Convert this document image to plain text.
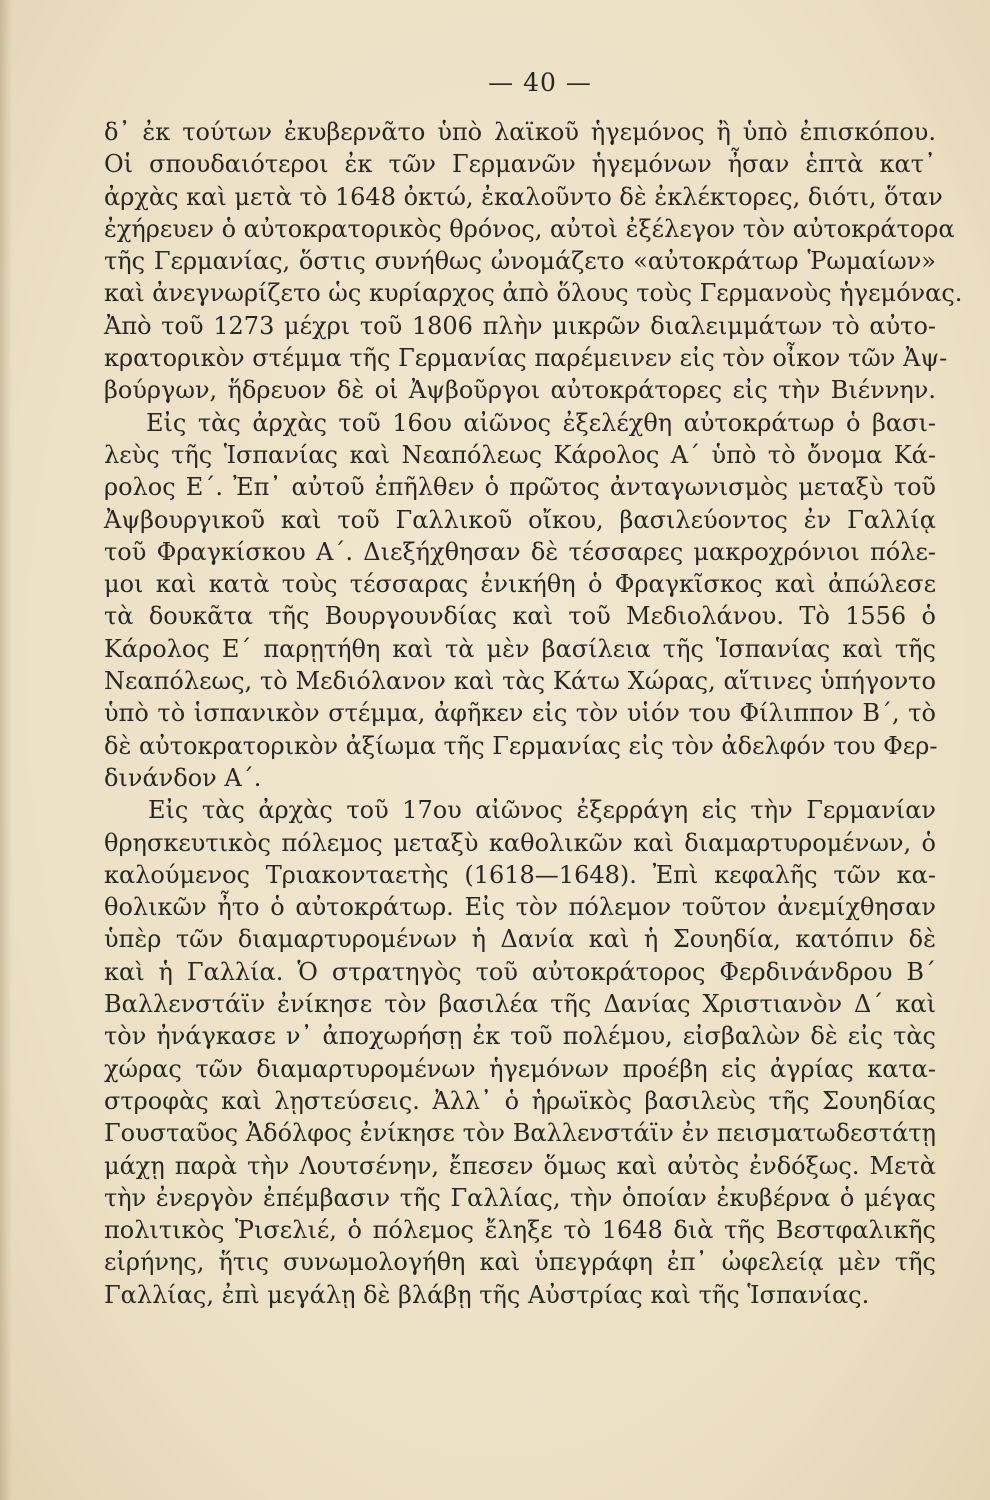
— 40 —
δ᾽ ἐκ τούτων ἐκυβερνᾶτο ὑπὸ λαϊκοῦ ἡγεμόνος ἢ ὑπὸ ἐπισκόπου.
Οἱ σπουδαιότεροι ἐκ τῶν Γερμανῶν ἡγεμόνων ἦσαν ἑπτὰ κατ᾽
ἀρχὰς καὶ μετὰ τὸ 1648 ὀκτώ, ἐκαλοῦντο δὲ ἐκλέκτορες, διότι, ὅταν
ἐχήρευεν ὁ αὐτοκρατορικὸς θρόνος, αὐτοὶ ἐξέλεγον τὸν αὐτοκράτορα
τῆς Γερμανίας, ὅστις συνήθως ὠνομάζετο «αὐτοκράτωρ Ῥωμαίων»
καὶ ἀνεγνωρίζετο ὡς κυρίαρχος ἀπὸ ὅλους τοὺς Γερμανοὺς ἡγεμόνας.
Ἀπὸ τοῦ 1273 μέχρι τοῦ 1806 πλὴν μικρῶν διαλειμμάτων τὸ αὐτο-
κρατορικὸν στέμμα τῆς Γερμανίας παρέμεινεν εἰς τὸν οἶκον τῶν Ἀψ-
βούργων, ἥδρευον δὲ οἱ Ἀψβοῦργοι αὐτοκράτορες εἰς τὴν Βιέννην.
Εἰς τὰς ἀρχὰς τοῦ 16ου αἰῶνος ἐξελέχθη αὐτοκράτωρ ὁ βασι-
λεὺς τῆς Ἱσπανίας καὶ Νεαπόλεως Κάρολος Α´ ὑπὸ τὸ ὄνομα Κά-
ρολος Ε´. Ἐπ᾽ αὐτοῦ ἐπῆλθεν ὁ πρῶτος ἀνταγωνισμὸς μεταξὺ τοῦ
Ἀψβουργικοῦ καὶ τοῦ Γαλλικοῦ οἴκου, βασιλεύοντος ἐν Γαλλίᾳ
τοῦ Φραγκίσκου Α´. Διεξήχθησαν δὲ τέσσαρες μακροχρόνιοι πόλε-
μοι καὶ κατὰ τοὺς τέσσαρας ἐνικήθη ὁ Φραγκῖσκος καὶ ἀπώλεσε
τὰ δουκᾶτα τῆς Βουργουνδίας καὶ τοῦ Μεδιολάνου. Τὸ 1556 ὁ
Κάρολος Ε´ παρῃτήθη καὶ τὰ μὲν βασίλεια τῆς Ἱσπανίας καὶ τῆς
Νεαπόλεως, τὸ Μεδιόλανον καὶ τὰς Κάτω Χώρας, αἵτινες ὑπήγοντο
ὑπὸ τὸ ἱσπανικὸν στέμμα, ἀφῆκεν εἰς τὸν υἱόν του Φίλιππον Β´, τὸ
δὲ αὐτοκρατορικὸν ἀξίωμα τῆς Γερμανίας εἰς τὸν ἀδελφόν του Φερ-
δινάνδον Α´.
Εἰς τὰς ἀρχὰς τοῦ 17ου αἰῶνος ἐξερράγη εἰς τὴν Γερμανίαν
θρησκευτικὸς πόλεμος μεταξὺ καθολικῶν καὶ διαμαρτυρομένων, ὁ
καλούμενος Τριακονταετὴς (1618—1648). Ἐπὶ κεφαλῆς τῶν κα-
θολικῶν ἦτο ὁ αὐτοκράτωρ. Εἰς τὸν πόλεμον τοῦτον ἀνεμίχθησαν
ὑπὲρ τῶν διαμαρτυρομένων ἡ Δανία καὶ ἡ Σουηδία, κατόπιν δὲ
καὶ ἡ Γαλλία. Ὁ στρατηγὸς τοῦ αὐτοκράτορος Φερδινάνδρου Β´
Βαλλενστάϊν ἐνίκησε τὸν βασιλέα τῆς Δανίας Χριστιανὸν Δ´ καὶ
τὸν ἠνάγκασε ν᾽ ἀποχωρήσῃ ἐκ τοῦ πολέμου, εἰσβαλὼν δὲ εἰς τὰς
χώρας τῶν διαμαρτυρομένων ἡγεμόνων προέβη εἰς ἀγρίας κατα-
στροφὰς καὶ λῃστεύσεις. Ἀλλ᾽ ὁ ἡρωϊκὸς βασιλεὺς τῆς Σουηδίας
Γουσταῦος Ἀδόλφος ἐνίκησε τὸν Βαλλενστάϊν ἐν πεισματωδεστάτῃ
μάχῃ παρὰ τὴν Λουτσένην, ἔπεσεν ὅμως καὶ αὐτὸς ἐνδόξως. Μετὰ
τὴν ἐνεργὸν ἐπέμβασιν τῆς Γαλλίας, τὴν ὁποίαν ἐκυβέρνα ὁ μέγας
πολιτικὸς Ῥισελιέ, ὁ πόλεμος ἔληξε τὸ 1648 διὰ τῆς Βεστφαλικῆς
εἰρήνης, ἥτις συνωμολογήθη καὶ ὑπεγράφη ἐπ᾽ ὠφελείᾳ μὲν τῆς
Γαλλίας, ἐπὶ μεγάλῃ δὲ βλάβῃ τῆς Αὐστρίας καὶ τῆς Ἱσπανίας.
